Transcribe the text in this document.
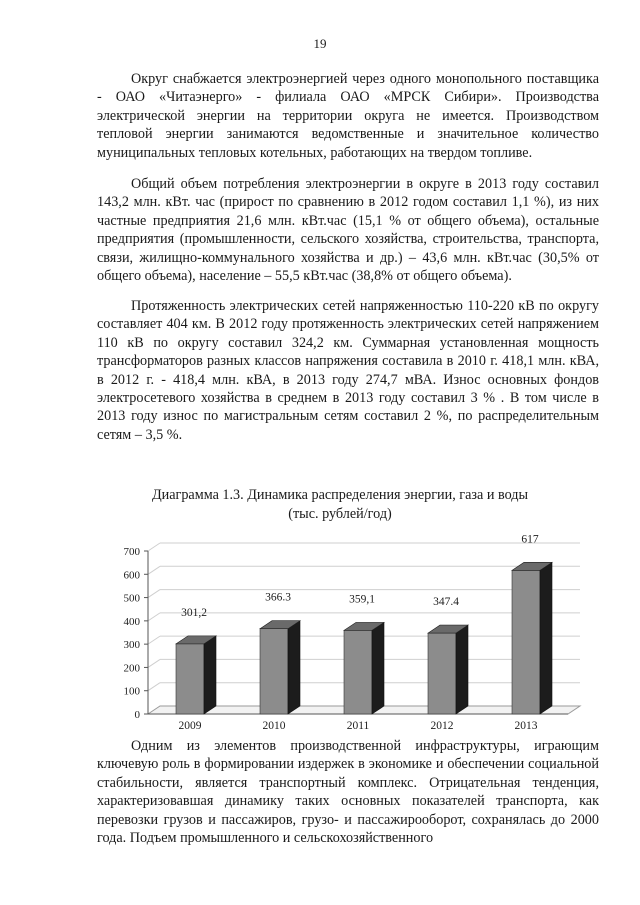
19

Округ снабжается электроэнергией через одного монопольного поставщика - ОАО «Читаэнерго» - филиала ОАО «МРСК Сибири». Производства электрической энергии на территории округа не имеется. Производством тепловой энергии занимаются ведомственные и значительное количество муниципальных тепловых котельных, работающих на твердом топливе.

Общий объем потребления электроэнергии в округе в 2013 году составил 143,2 млн. кВт. час (прирост по сравнению в 2012 годом составил 1,1 %), из них частные предприятия 21,6 млн. кВт.час (15,1 % от общего объема), остальные предприятия (промышленности, сельского хозяйства, строительства, транспорта, связи, жилищно-коммунального хозяйства и др.) – 43,6 млн. кВт.час (30,5% от общего объема), население – 55,5 кВт.час (38,8% от общего объема).

Протяженность электрических сетей напряженностью 110-220 кВ по округу составляет 404 км. В 2012 году протяженность электрических сетей напряжением 110 кВ по округу составил 324,2 км. Суммарная установленная мощность трансформаторов разных классов напряжения составила в 2010 г. 418,1 млн. кВА, в 2012 г. - 418,4 млн. кВА, в 2013 году 274,7 мВА. Износ основных фондов электросетевого хозяйства в среднем в 2013 году составил 3 % . В том числе в 2013 году износ по магистральным сетям составил 2 %, по распределительным сетям – 3,5 %.

Диаграмма 1.3. Динамика распределения энергии, газа и воды
(тыс. рублей/год)
0
100
200
300
400
500
600
700
301,2
2009
366.3
2010
359,1
2011
347.4
2012
617
2013

Одним из элементов производственной инфраструктуры, играющим ключевую роль в формировании издержек в экономике и обеспечении социальной стабильности, является транспортный комплекс. Отрицательная тенденция, характеризовавшая динамику таких основных показателей транспорта, как перевозки грузов и пассажиров, грузо- и пассажирооборот, сохранялась до 2000 года. Подъем промышленного и сельскохозяйственного
